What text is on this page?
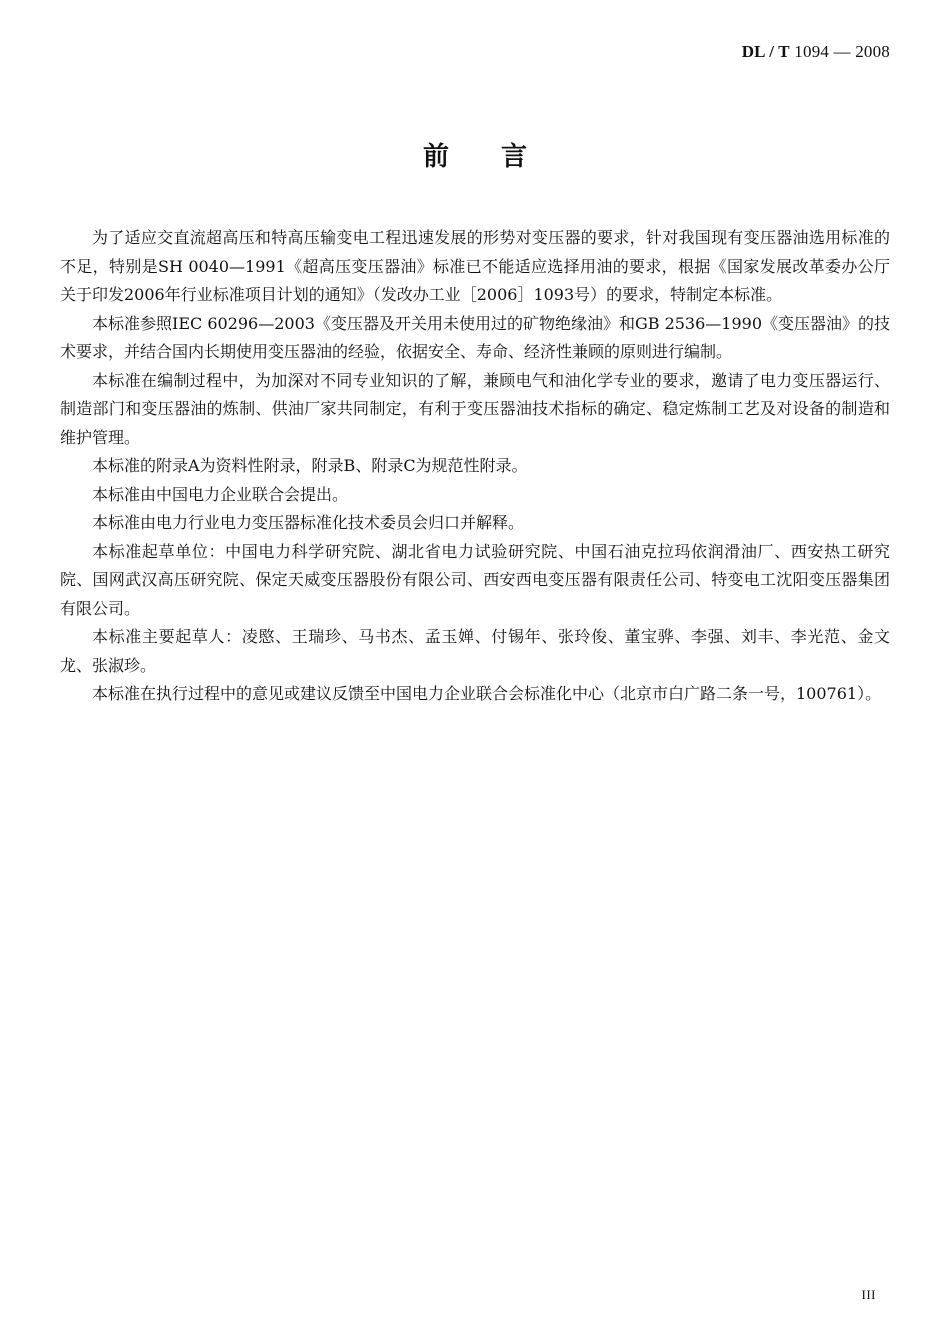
DL / T 1094 — 2008
前言

为了适应交直流超高压和特高压输变电工程迅速发展的形势对变压器的要求，针对我国现有变压器油选用标准的不足，特别是SH 0040—1991《超高压变压器油》标准已不能适应选择用油的要求，根据《国家发展改革委办公厅关于印发2006年行业标准项目计划的通知》（发改办工业［2006］1093号）的要求，特制定本标准。

本标准参照IEC 60296—2003《变压器及开关用未使用过的矿物绝缘油》和GB 2536—1990《变压器油》的技术要求，并结合国内长期使用变压器油的经验，依据安全、寿命、经济性兼顾的原则进行编制。

本标准在编制过程中，为加深对不同专业知识的了解，兼顾电气和油化学专业的要求，邀请了电力变压器运行、制造部门和变压器油的炼制、供油厂家共同制定，有利于变压器油技术指标的确定、稳定炼制工艺及对设备的制造和维护管理。

本标准的附录A为资料性附录，附录B、附录C为规范性附录。

本标准由中国电力企业联合会提出。

本标准由电力行业电力变压器标准化技术委员会归口并解释。

本标准起草单位：中国电力科学研究院、湖北省电力试验研究院、中国石油克拉玛依润滑油厂、西安热工研究院、国网武汉高压研究院、保定天威变压器股份有限公司、西安西电变压器有限责任公司、特变电工沈阳变压器集团有限公司。

本标准主要起草人：凌愍、王瑞珍、马书杰、孟玉婵、付锡年、张玲俊、董宝骅、李强、刘丰、李光范、金文龙、张淑珍。

本标准在执行过程中的意见或建议反馈至中国电力企业联合会标准化中心（北京市白广路二条一号，100761）。

III
